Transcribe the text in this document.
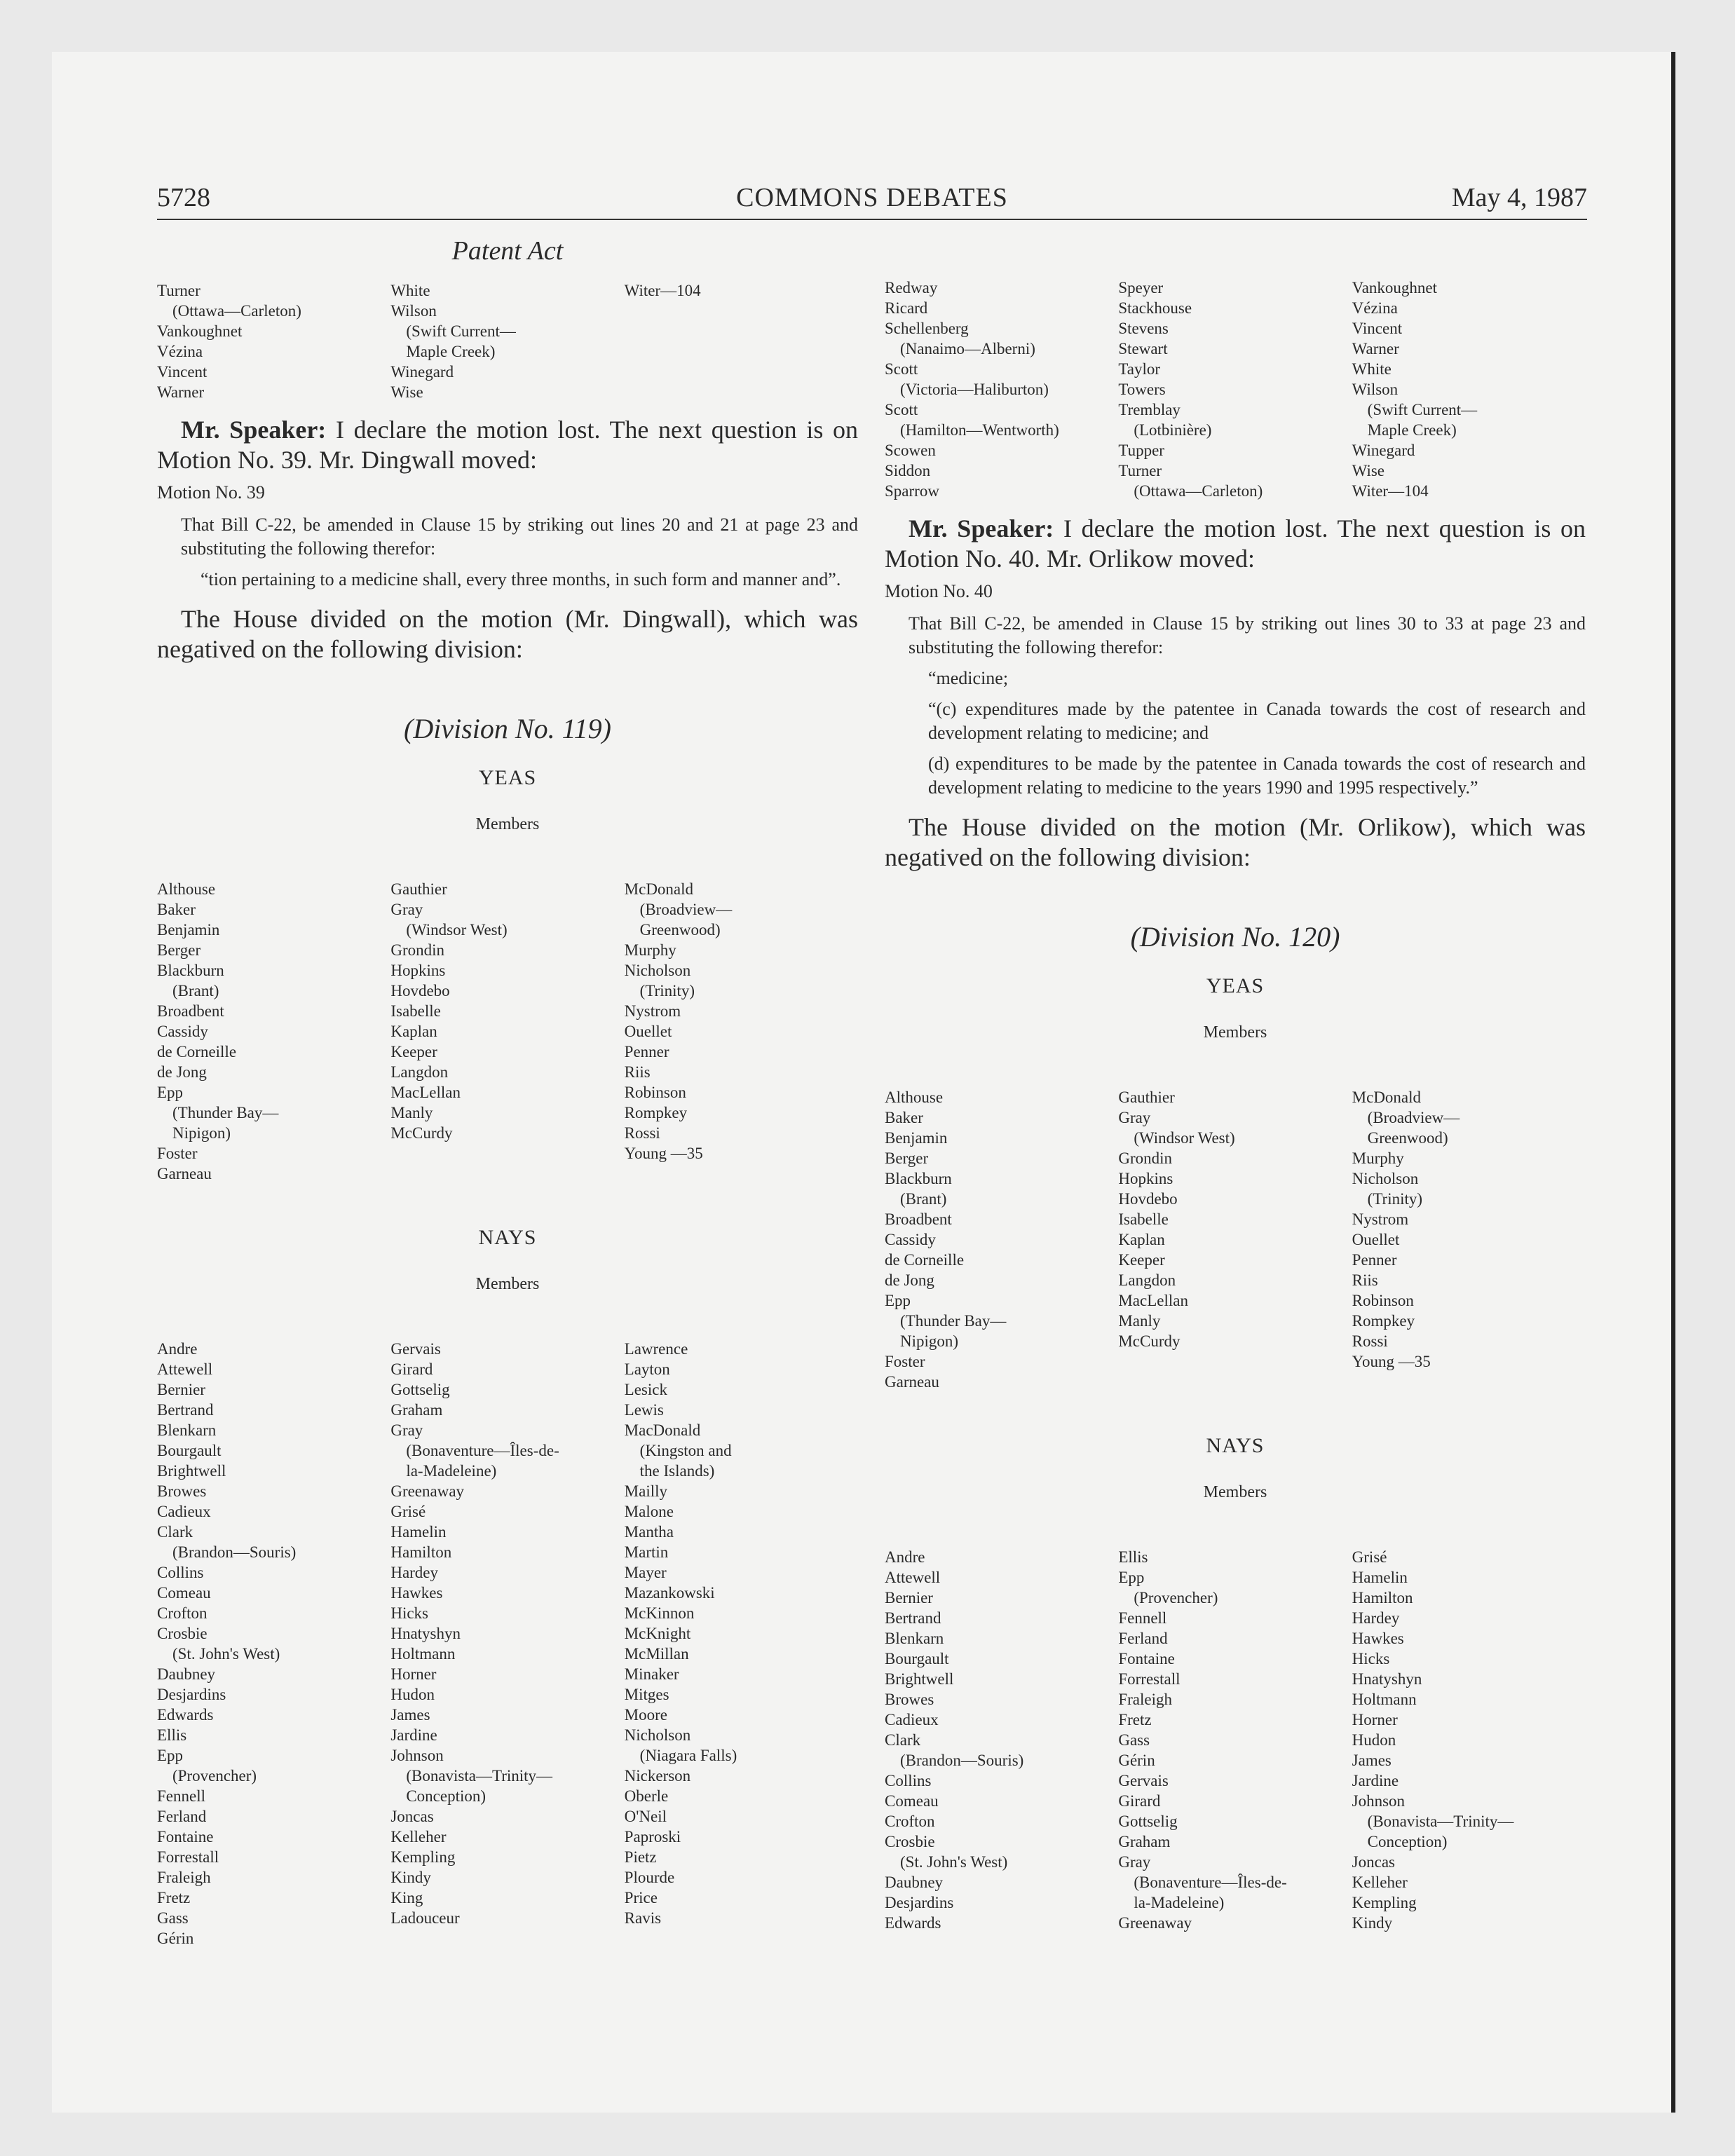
5728	COMMONS DEBATES	May 4, 1987
Patent Act
Turner
(Ottawa—Carleton)
Vankoughnet
Vézina
Vincent
Warner
White
Wilson
(Swift Current—
Maple Creek)
Winegard
Wise
Witer—104

Mr. Speaker: I declare the motion lost. The next question is on Motion No. 39. Mr. Dingwall moved:

Motion No. 39
That Bill C-22, be amended in Clause 15 by striking out lines 20 and 21 at page 23 and substituting the following therefor:
“tion pertaining to a medicine shall, every three months, in such form and manner and”.

The House divided on the motion (Mr. Dingwall), which was negatived on the following division:

(Division No. 119)
YEAS
Members
Althouse
Baker
Benjamin
Berger
Blackburn
(Brant)
Broadbent
Cassidy
de Corneille
de Jong
Epp
(Thunder Bay—
Nipigon)
Foster
Garneau
Gauthier
Gray
(Windsor West)
Grondin
Hopkins
Hovdebo
Isabelle
Kaplan
Keeper
Langdon
MacLellan
Manly
McCurdy
McDonald
(Broadview—
Greenwood)
Murphy
Nicholson
(Trinity)
Nystrom
Ouellet
Penner
Riis
Robinson
Rompkey
Rossi
Young —35
NAYS
Members
Andre
Attewell
Bernier
Bertrand
Blenkarn
Bourgault
Brightwell
Browes
Cadieux
Clark
(Brandon—Souris)
Collins
Comeau
Crofton
Crosbie
(St. John's West)
Daubney
Desjardins
Edwards
Ellis
Epp
(Provencher)
Fennell
Ferland
Fontaine
Forrestall
Fraleigh
Fretz
Gass
Gérin
Gervais
Girard
Gottselig
Graham
Gray
(Bonaventure—Îles-de-
la-Madeleine)
Greenaway
Grisé
Hamelin
Hamilton
Hardey
Hawkes
Hicks
Hnatyshyn
Holtmann
Horner
Hudon
James
Jardine
Johnson
(Bonavista—Trinity—
Conception)
Joncas
Kelleher
Kempling
Kindy
King
Ladouceur
Lawrence
Layton
Lesick
Lewis
MacDonald
(Kingston and
the Islands)
Mailly
Malone
Mantha
Martin
Mayer
Mazankowski
McKinnon
McKnight
McMillan
Minaker
Mitges
Moore
Nicholson
(Niagara Falls)
Nickerson
Oberle
O'Neil
Paproski
Pietz
Plourde
Price
Ravis
Redway
Ricard
Schellenberg
(Nanaimo—Alberni)
Scott
(Victoria—Haliburton)
Scott
(Hamilton—Wentworth)
Scowen
Siddon
Sparrow
Speyer
Stackhouse
Stevens
Stewart
Taylor
Towers
Tremblay
(Lotbinière)
Tupper
Turner
(Ottawa—Carleton)
Vankoughnet
Vézina
Vincent
Warner
White
Wilson
(Swift Current—
Maple Creek)
Winegard
Wise
Witer—104

Mr. Speaker: I declare the motion lost. The next question is on Motion No. 40. Mr. Orlikow moved:

Motion No. 40
That Bill C-22, be amended in Clause 15 by striking out lines 30 to 33 at page 23 and substituting the following therefor:
“medicine;
“(c) expenditures made by the patentee in Canada towards the cost of research and development relating to medicine; and
(d) expenditures to be made by the patentee in Canada towards the cost of research and development relating to medicine to the years 1990 and 1995 respectively.”

The House divided on the motion (Mr. Orlikow), which was negatived on the following division:

(Division No. 120)
YEAS
Members
Althouse
Baker
Benjamin
Berger
Blackburn
(Brant)
Broadbent
Cassidy
de Corneille
de Jong
Epp
(Thunder Bay—
Nipigon)
Foster
Garneau
Gauthier
Gray
(Windsor West)
Grondin
Hopkins
Hovdebo
Isabelle
Kaplan
Keeper
Langdon
MacLellan
Manly
McCurdy
McDonald
(Broadview—
Greenwood)
Murphy
Nicholson
(Trinity)
Nystrom
Ouellet
Penner
Riis
Robinson
Rompkey
Rossi
Young —35
NAYS
Members
Andre
Attewell
Bernier
Bertrand
Blenkarn
Bourgault
Brightwell
Browes
Cadieux
Clark
(Brandon—Souris)
Collins
Comeau
Crofton
Crosbie
(St. John's West)
Daubney
Desjardins
Edwards
Ellis
Epp
(Provencher)
Fennell
Ferland
Fontaine
Forrestall
Fraleigh
Fretz
Gass
Gérin
Gervais
Girard
Gottselig
Graham
Gray
(Bonaventure—Îles-de-
la-Madeleine)
Greenaway
Grisé
Hamelin
Hamilton
Hardey
Hawkes
Hicks
Hnatyshyn
Holtmann
Horner
Hudon
James
Jardine
Johnson
(Bonavista—Trinity—
Conception)
Joncas
Kelleher
Kempling
Kindy
